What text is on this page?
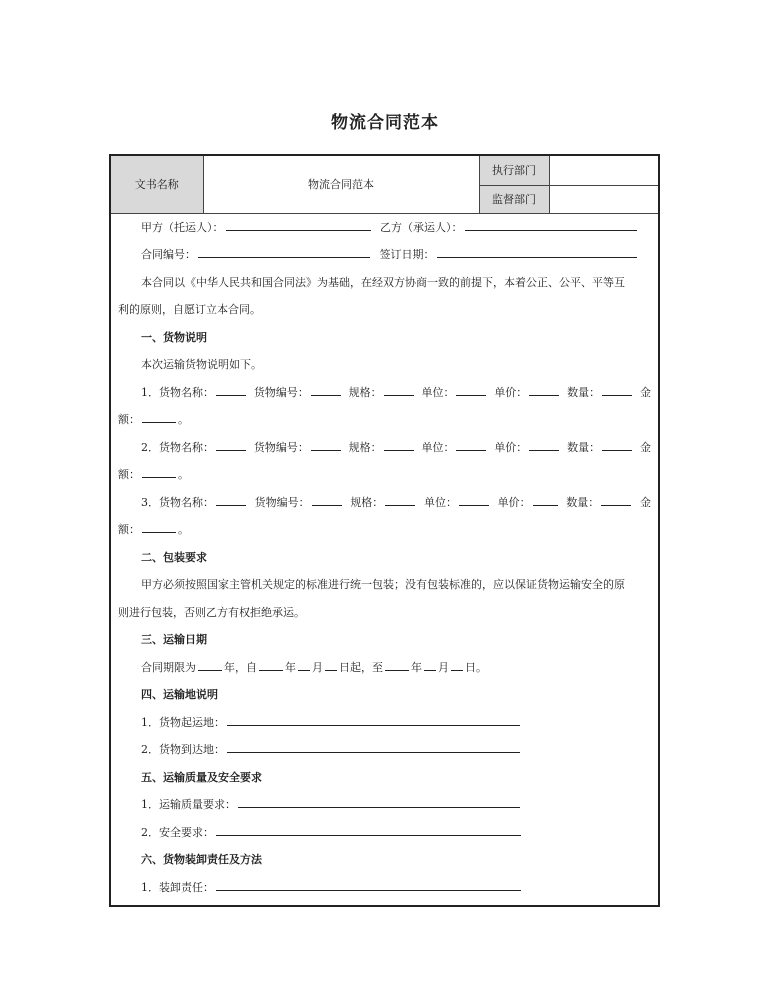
物流合同范本
文书名称	物流合同范本	执行部门	
		监督部门	
甲方（托运人）：	乙方（承运人）：
合同编号：	签订日期：
本合同以《中华人民共和国合同法》为基础，在经双方协商一致的前提下，本着公正、公平、平等互
利的原则，自愿订立本合同。
一、货物说明
本次运输货物说明如下。
1．货物名称：	货物编号：	规格：	单位：	单价：	数量：	金
额：	。
2．货物名称：	货物编号：	规格：	单位：	单价：	数量：	金
额：	。
3．货物名称：	货物编号：	规格：	单位：	单价：	数量：	金
额：	。
二、包装要求
甲方必须按照国家主管机关规定的标准进行统一包装；没有包装标准的，应以保证货物运输安全的原
则进行包装，否则乙方有权拒绝承运。
三、运输日期
合同期限为	年，自	年 月 日起，至	年 月 日。
四、运输地说明
1．货物起运地：
2．货物到达地：
五、运输质量及安全要求
1．运输质量要求：
2．安全要求：
六、货物装卸责任及方法
1．装卸责任：
